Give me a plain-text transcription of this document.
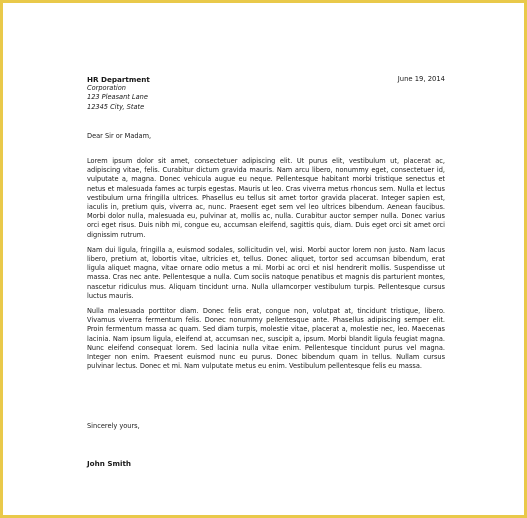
HR Department
Corporation
123 Pleasant Lane
12345 City, State
June 19, 2014
Dear Sir or Madam,

Lorem ipsum dolor sit amet, consectetuer adipiscing elit. Ut purus elit, vestibulum ut, placerat ac, adipiscing vitae, felis. Curabitur dictum gravida mauris. Nam arcu libero, nonummy eget, consectetuer id, vulputate a, magna. Donec vehicula augue eu neque. Pellentesque habitant morbi tristique senectus et netus et malesuada fames ac turpis egestas. Mauris ut leo. Cras viverra metus rhoncus sem. Nulla et lectus vestibulum urna fringilla ultrices. Phasellus eu tellus sit amet tortor gravida placerat. Integer sapien est, iaculis in, pretium quis, viverra ac, nunc. Praesent eget sem vel leo ultrices bibendum. Aenean faucibus. Morbi dolor nulla, malesuada eu, pulvinar at, mollis ac, nulla. Curabitur auctor semper nulla. Donec varius orci eget risus. Duis nibh mi, congue eu, accumsan eleifend, sagittis quis, diam. Duis eget orci sit amet orci dignissim rutrum.

Nam dui ligula, fringilla a, euismod sodales, sollicitudin vel, wisi. Morbi auctor lorem non justo. Nam lacus libero, pretium at, lobortis vitae, ultricies et, tellus. Donec aliquet, tortor sed accumsan bibendum, erat ligula aliquet magna, vitae ornare odio metus a mi. Morbi ac orci et nisl hendrerit mollis. Suspendisse ut massa. Cras nec ante. Pellentesque a nulla. Cum sociis natoque penatibus et magnis dis parturient montes, nascetur ridiculus mus. Aliquam tincidunt urna. Nulla ullamcorper vestibulum turpis. Pellentesque cursus luctus mauris.

Nulla malesuada porttitor diam. Donec felis erat, congue non, volutpat at, tincidunt tristique, libero. Vivamus viverra fermentum felis. Donec nonummy pellentesque ante. Phasellus adipiscing semper elit. Proin fermentum massa ac quam. Sed diam turpis, molestie vitae, placerat a, molestie nec, leo. Maecenas lacinia. Nam ipsum ligula, eleifend at, accumsan nec, suscipit a, ipsum. Morbi blandit ligula feugiat magna. Nunc eleifend consequat lorem. Sed lacinia nulla vitae enim. Pellentesque tincidunt purus vel magna. Integer non enim. Praesent euismod nunc eu purus. Donec bibendum quam in tellus. Nullam cursus pulvinar lectus. Donec et mi. Nam vulputate metus eu enim. Vestibulum pellentesque felis eu massa.

Sincerely yours,
John Smith
